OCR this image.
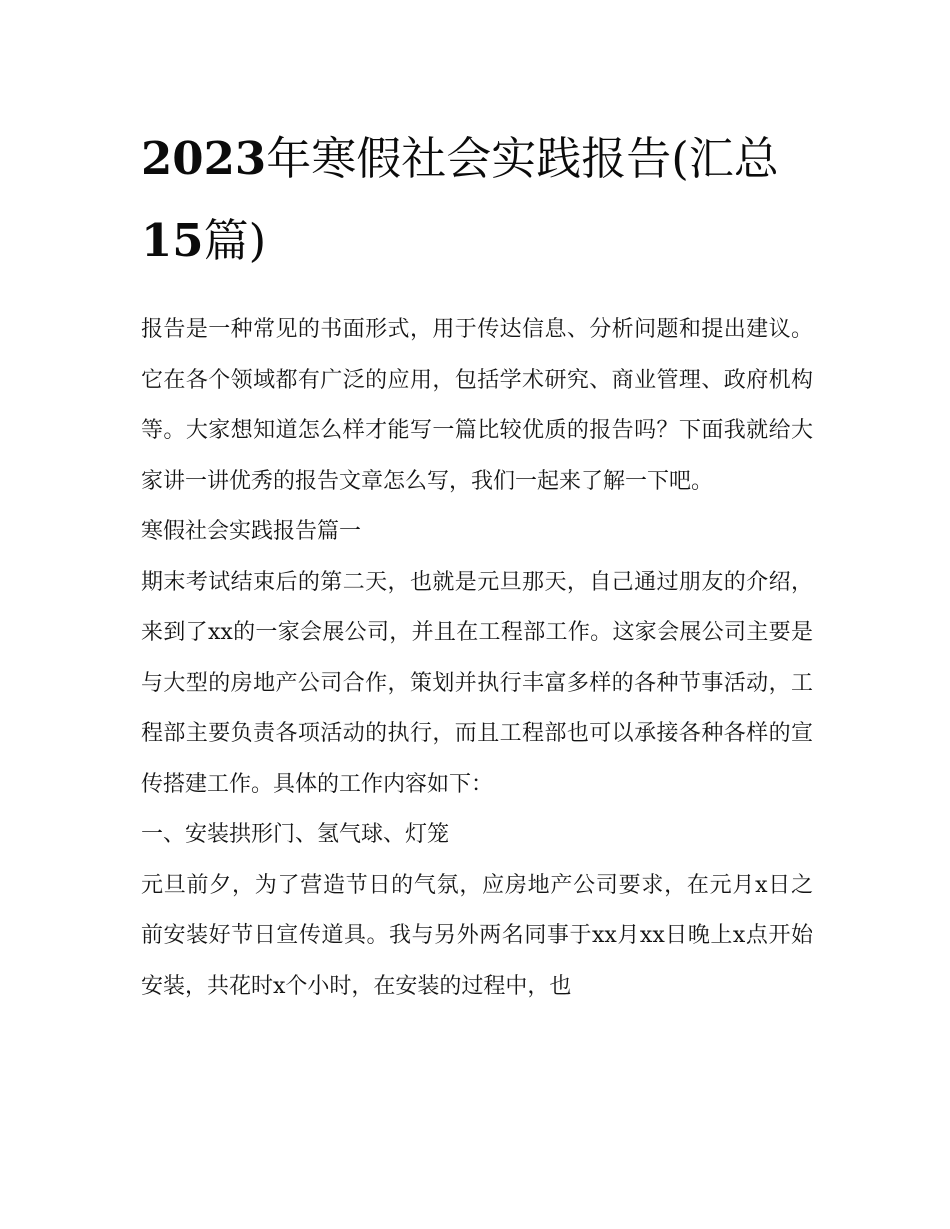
2023年寒假社会实践报告(汇总15篇)

报告是一种常见的书面形式，用于传达信息、分析问题和提出建议。它在各个领域都有广泛的应用，包括学术研究、商业管理、政府机构等。大家想知道怎么样才能写一篇比较优质的报告吗？下面我就给大家讲一讲优秀的报告文章怎么写，我们一起来了解一下吧。

寒假社会实践报告篇一

期末考试结束后的第二天，也就是元旦那天，自己通过朋友的介绍，来到了xx的一家会展公司，并且在工程部工作。这家会展公司主要是与大型的房地产公司合作，策划并执行丰富多样的各种节事活动，工程部主要负责各项活动的执行，而且工程部也可以承接各种各样的宣传搭建工作。具体的工作内容如下：

一、安装拱形门、氢气球、灯笼

元旦前夕，为了营造节日的气氛，应房地产公司要求，在元月x日之前安装好节日宣传道具。我与另外两名同事于xx月xx日晚上x点开始安装，共花时x个小时，在安装的过程中，也
